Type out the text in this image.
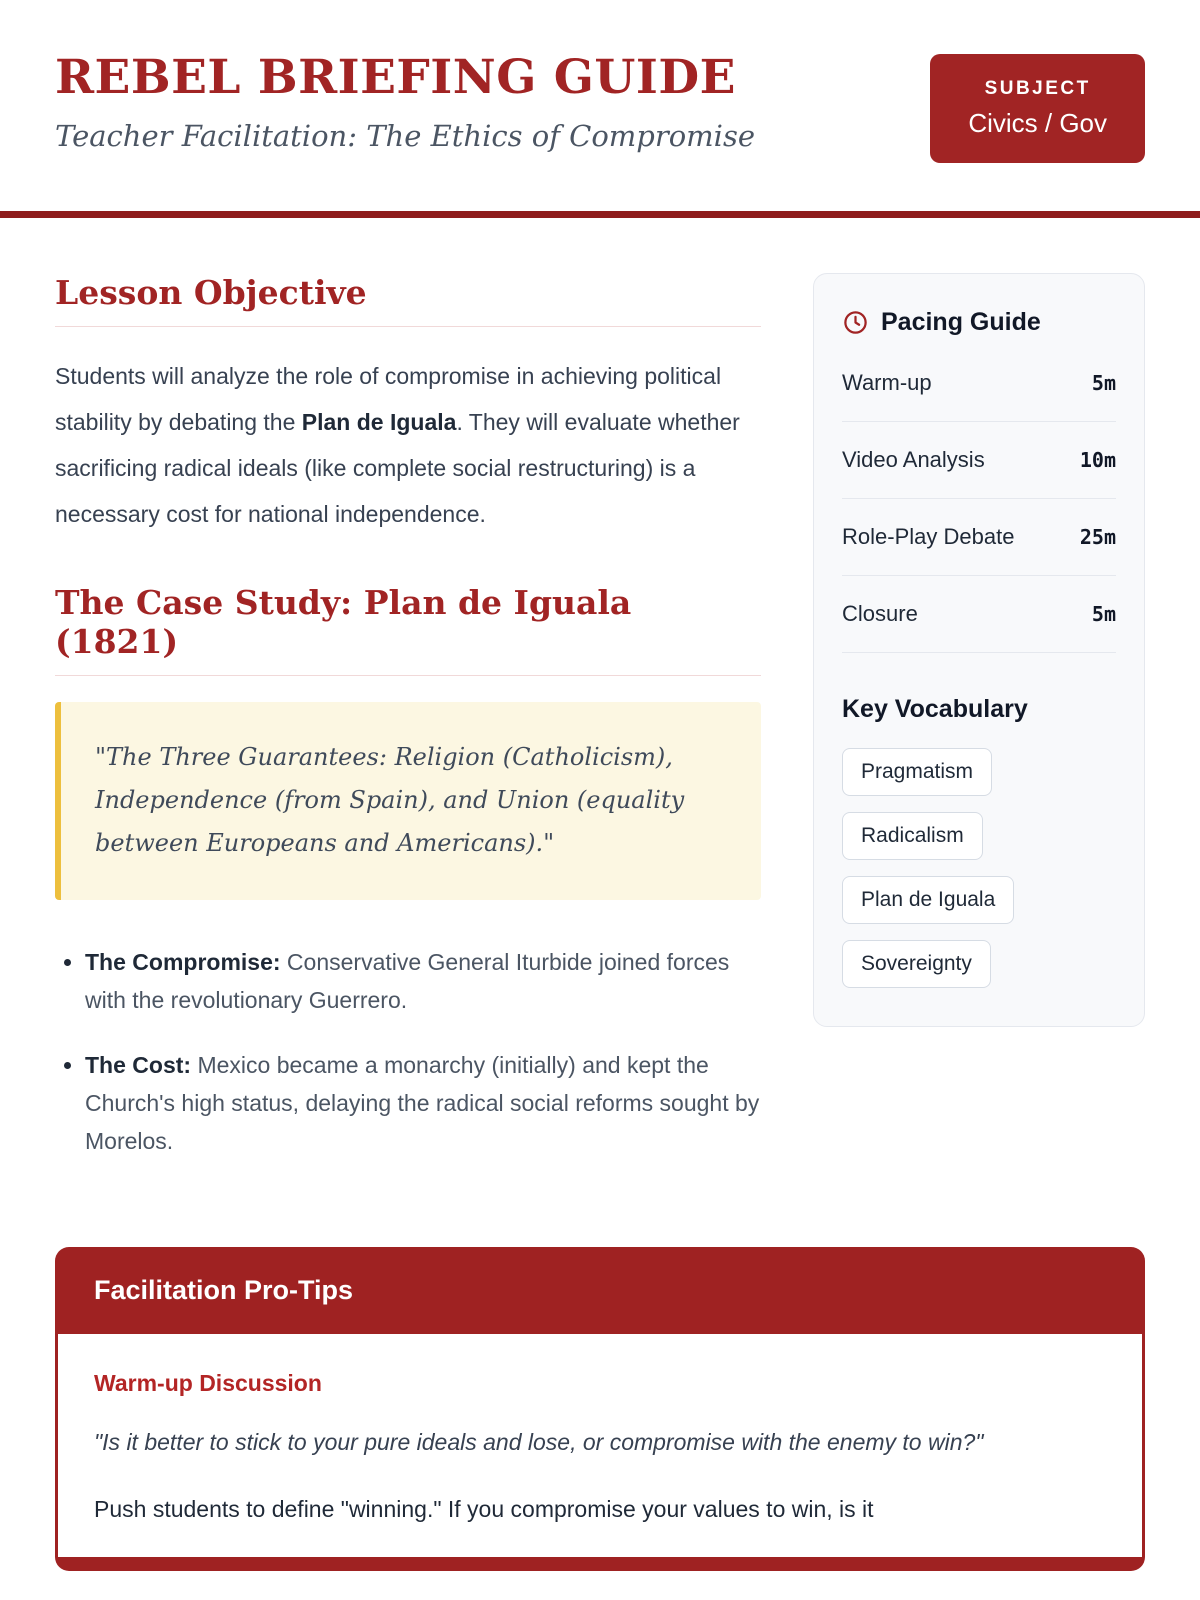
REBEL BRIEFING GUIDE

Teacher Facilitation: The Ethics of Compromise

SUBJECT
Civics / Gov
Lesson Objective

Students will analyze the role of compromise in achieving political stability by debating the Plan de Iguala. They will evaluate whether sacrificing radical ideals (like complete social restructuring) is a necessary cost for national independence.

The Case Study: Plan de Iguala (1821)
"The Three Guarantees: Religion (Catholicism), Independence (from Spain), and Union (equality between Europeans and Americans)."
• The Compromise: Conservative General Iturbide joined forces with the revolutionary Guerrero.
• The Cost: Mexico became a monarchy (initially) and kept the Church's high status, delaying the radical social reforms sought by Morelos.
Pacing Guide
Warm-up	5m
Video Analysis	10m
Role-Play Debate	25m
Closure	5m
Key Vocabulary
Pragmatism
Radicalism
Plan de Iguala
Sovereignty
Facilitation Pro-Tips
Warm-up Discussion

"Is it better to stick to your pure ideals and lose, or compromise with the enemy to win?"

Push students to define "winning." If you compromise your values to win, is it
